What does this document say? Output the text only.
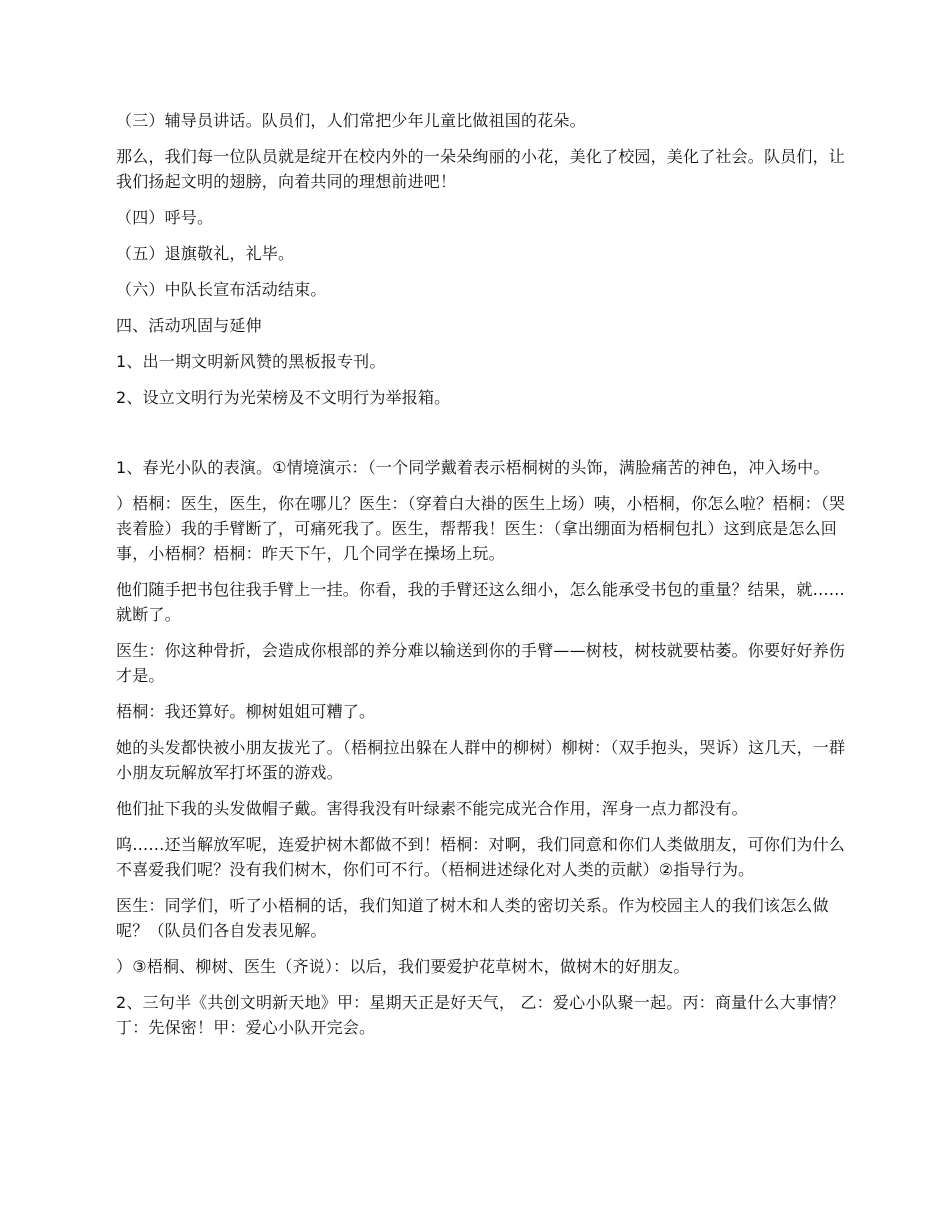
（三）辅导员讲话。队员们，人们常把少年儿童比做祖国的花朵。

那么，我们每一位队员就是绽开在校内外的一朵朵绚丽的小花，美化了校园，美化了社会。队员们，让我们扬起文明的翅膀，向着共同的理想前进吧！

（四）呼号。

（五）退旗敬礼，礼毕。

（六）中队长宣布活动结束。

四、活动巩固与延伸

1、出一期文明新风赞的黑板报专刊。

2、设立文明行为光荣榜及不文明行为举报箱。

1、春光小队的表演。①情境演示：（一个同学戴着表示梧桐树的头饰，满脸痛苦的神色，冲入场中。

）梧桐：医生，医生，你在哪儿？医生：（穿着白大褂的医生上场）咦，小梧桐，你怎么啦？梧桐：（哭丧着脸）我的手臂断了，可痛死我了。医生，帮帮我！医生：（拿出绷面为梧桐包扎）这到底是怎么回事，小梧桐？梧桐：昨天下午，几个同学在操场上玩。

他们随手把书包往我手臂上一挂。你看，我的手臂还这么细小，怎么能承受书包的重量？结果，就……就断了。

医生：你这种骨折，会造成你根部的养分难以输送到你的手臂——树枝，树枝就要枯萎。你要好好养伤才是。

梧桐：我还算好。柳树姐姐可糟了。

她的头发都快被小朋友拔光了。（梧桐拉出躲在人群中的柳树）柳树：（双手抱头，哭诉）这几天，一群小朋友玩解放军打坏蛋的游戏。

他们扯下我的头发做帽子戴。害得我没有叶绿素不能完成光合作用，浑身一点力都没有。

呜……还当解放军呢，连爱护树木都做不到！梧桐：对啊，我们同意和你们人类做朋友，可你们为什么不喜爱我们呢？没有我们树木，你们可不行。（梧桐进述绿化对人类的贡献）②指导行为。

医生：同学们，听了小梧桐的话，我们知道了树木和人类的密切关系。作为校园主人的我们该怎么做呢？（队员们各自发表见解。

）③梧桐、柳树、医生（齐说）：以后，我们要爱护花草树木，做树木的好朋友。

2、三句半《共创文明新天地》甲：星期天正是好天气， 乙：爱心小队聚一起。丙：商量什么大事情？ 丁：先保密！甲：爱心小队开完会。
